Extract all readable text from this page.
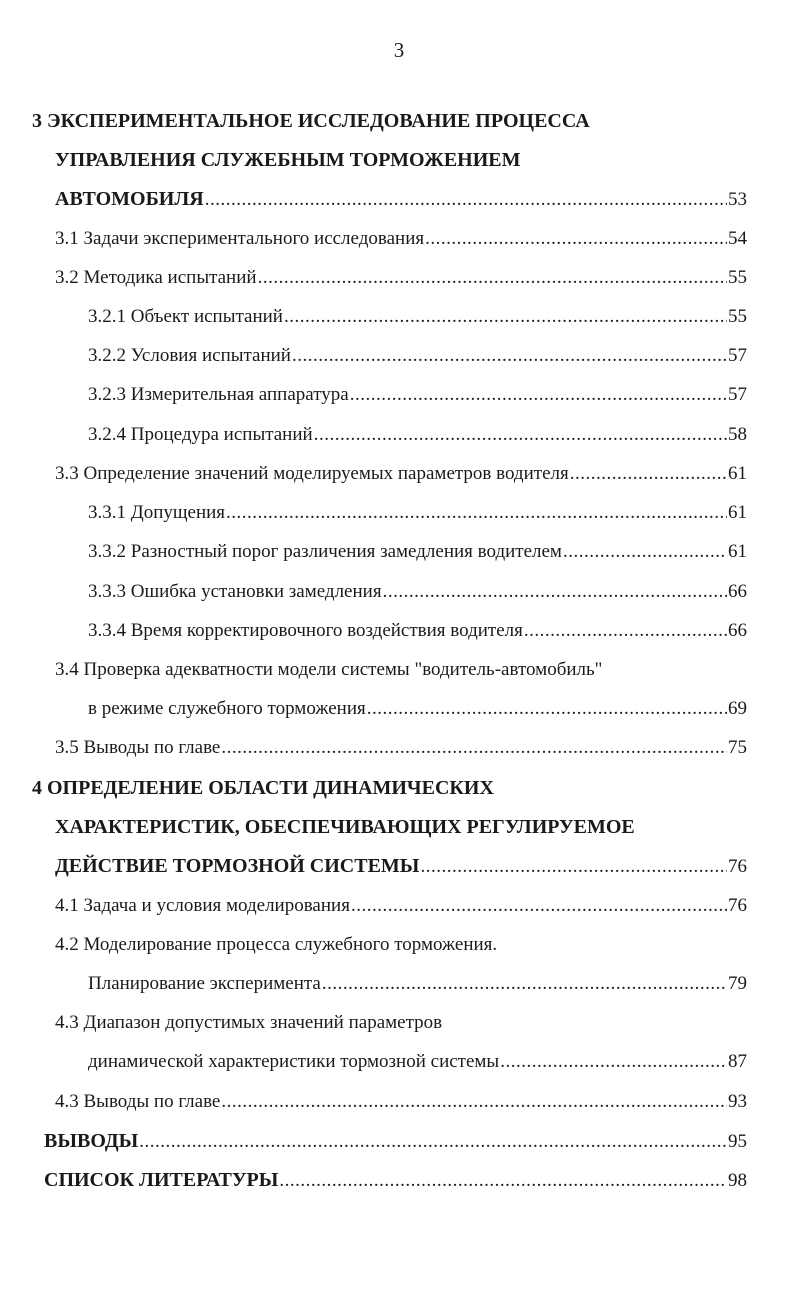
3
3 ЭКСПЕРИМЕНТАЛЬНОЕ ИССЛЕДОВАНИЕ ПРОЦЕССА
УПРАВЛЕНИЯ СЛУЖЕБНЫМ ТОРМОЖЕНИЕМ
АВТОМОБИЛЯ .....	53
3.1 Задачи экспериментального исследования .....	54
3.2 Методика испытаний .....	55
3.2.1 Объект испытаний .....	55
3.2.2 Условия испытаний .....	57
3.2.3 Измерительная аппаратура .....	57
3.2.4 Процедура испытаний .....	58
3.3 Определение значений моделируемых параметров водителя .....	61
3.3.1 Допущения .....	61
3.3.2 Разностный порог различения замедления водителем .....	61
3.3.3 Ошибка установки замедления .....	66
3.3.4 Время корректировочного воздействия водителя .....	66
3.4 Проверка адекватности модели системы "водитель-автомобиль"
в режиме служебного торможения .....	69
3.5 Выводы по главе .....	75
4 ОПРЕДЕЛЕНИЕ ОБЛАСТИ ДИНАМИЧЕСКИХ
ХАРАКТЕРИСТИК, ОБЕСПЕЧИВАЮЩИХ РЕГУЛИРУЕМОЕ
ДЕЙСТВИЕ ТОРМОЗНОЙ СИСТЕМЫ .....	76
4.1 Задача и условия моделирования .....	76
4.2 Моделирование процесса служебного торможения.
Планирование эксперимента .....	79
4.3 Диапазон допустимых значений параметров
динамической характеристики тормозной системы .....	87
4.3 Выводы по главе .....	93
ВЫВОДЫ .....	95
СПИСОК ЛИТЕРАТУРЫ .....	98
